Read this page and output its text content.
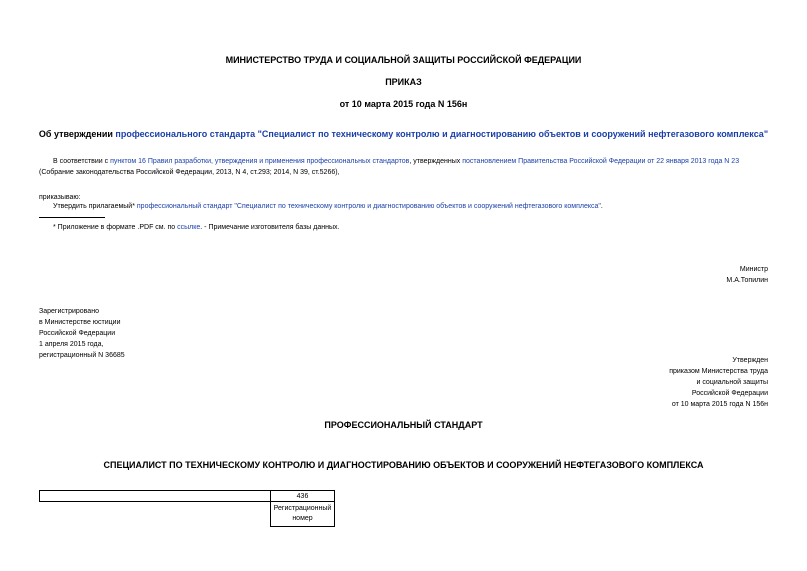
МИНИСТЕРСТВО ТРУДА И СОЦИАЛЬНОЙ ЗАЩИТЫ РОССИЙСКОЙ ФЕДЕРАЦИИ
ПРИКАЗ
от 10 марта 2015 года N 156н
Об утверждении профессионального стандарта "Специалист по техническому контролю и диагностированию объектов и сооружений нефтегазового комплекса"
В соответствии с пунктом 16 Правил разработки, утверждения и применения профессиональных стандартов, утвержденных постановлением Правительства Российской Федерации от 22 января 2013 года N 23
(Собрание законодательства Российской Федерации, 2013, N 4, ст.293; 2014, N 39, ст.5266),
приказываю:
Утвердить прилагаемый* профессиональный стандарт "Специалист по техническому контролю и диагностированию объектов и сооружений нефтегазового комплекса".
* Приложение в формате .PDF см. по ссылке. - Примечание изготовителя базы данных.
Министр
М.А.Топилин
Зарегистрировано
в Министерстве юстиции
Российской Федерации
1 апреля 2015 года,
регистрационный N 36685
Утвержден
приказом Министерства труда
и социальной защиты
Российской Федерации
от 10 марта 2015 года N 156н
ПРОФЕССИОНАЛЬНЫЙ СТАНДАРТ
СПЕЦИАЛИСТ ПО ТЕХНИЧЕСКОМУ КОНТРОЛЮ И ДИАГНОСТИРОВАНИЮ ОБЪЕКТОВ И СООРУЖЕНИЙ НЕФТЕГАЗОВОГО КОМПЛЕКСА
	436

	Регистрационный
номер
